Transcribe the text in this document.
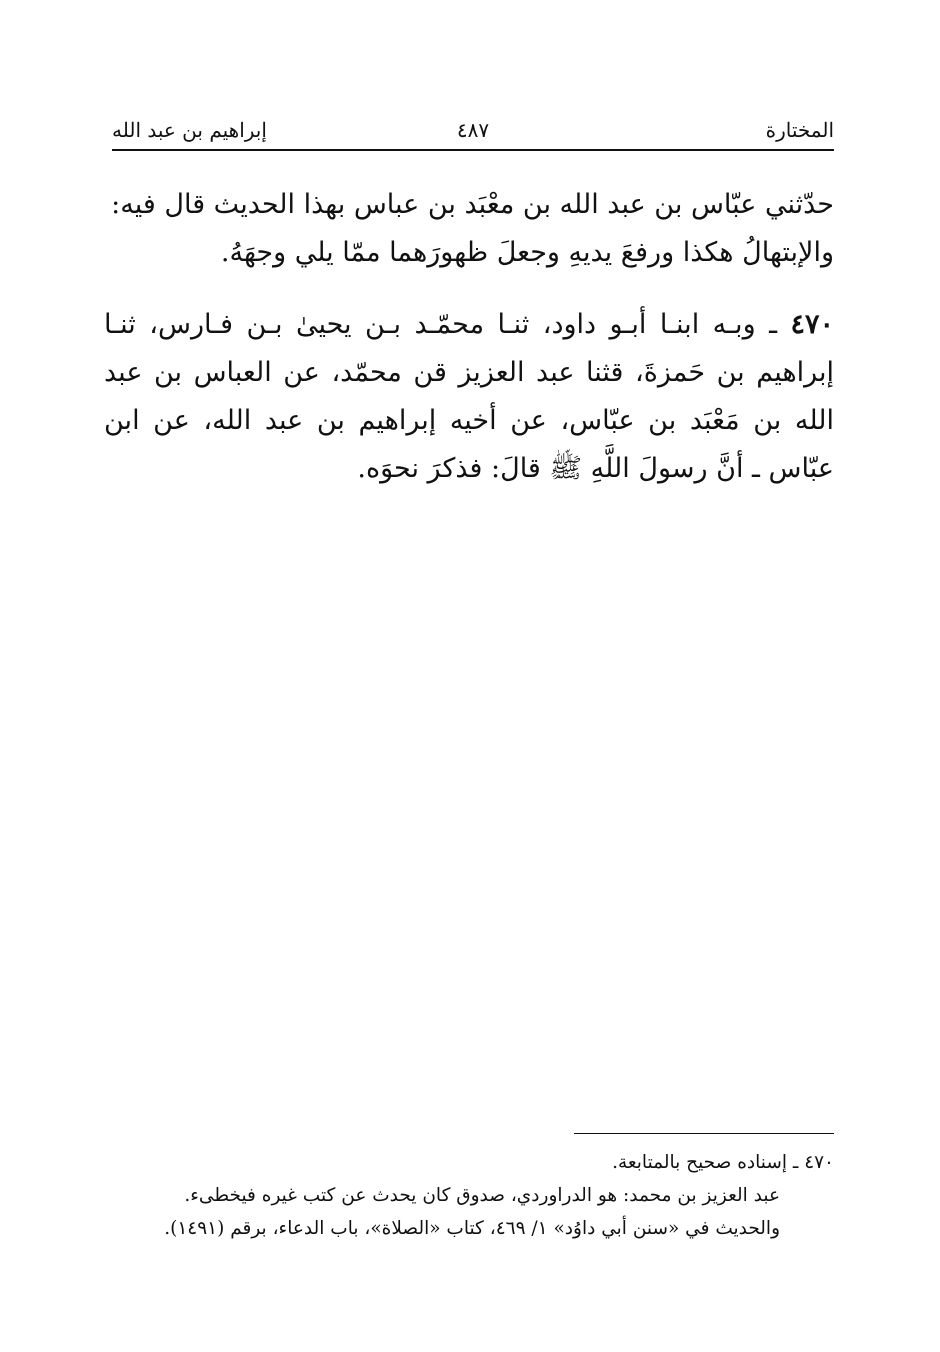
المختارة
٤٨٧
إبراهيم بن عبد الله
حدّثني عبّاس بن عبد الله بن معْبَد بن عباس بهذا الحديث قال فيه:
والإبتهالُ هكذا ورفعَ يديهِ وجعلَ ظهورَهما ممّا يلي وجهَهُ.
٤٧٠ ـ وبـه ابنـا أبـو داود، ثنـا محمّـد بـن يحيىٰ بـن فـارس، ثنـا إبراهيم بن حَمزةَ، قثنا عبد العزيز قن محمّد، عن العباس بن عبد الله بن مَعْبَد بن عبّاس، عن أخيه إبراهيم بن عبد الله، عن ابن عبّاس ـ أنَّ رسولَ اللَّهِ ﷺ قالَ: فذكرَ نحوَه.
٤٧٠ ـ إسناده صحيح بالمتابعة.
عبد العزيز بن محمد: هو الدراوردي، صدوق كان يحدث عن كتب غيره فيخطىء.
والحديث في «سنن أبي داوُد» ١/ ٤٦٩، كتاب «الصلاة»، باب الدعاء، برقم (١٤٩١).
